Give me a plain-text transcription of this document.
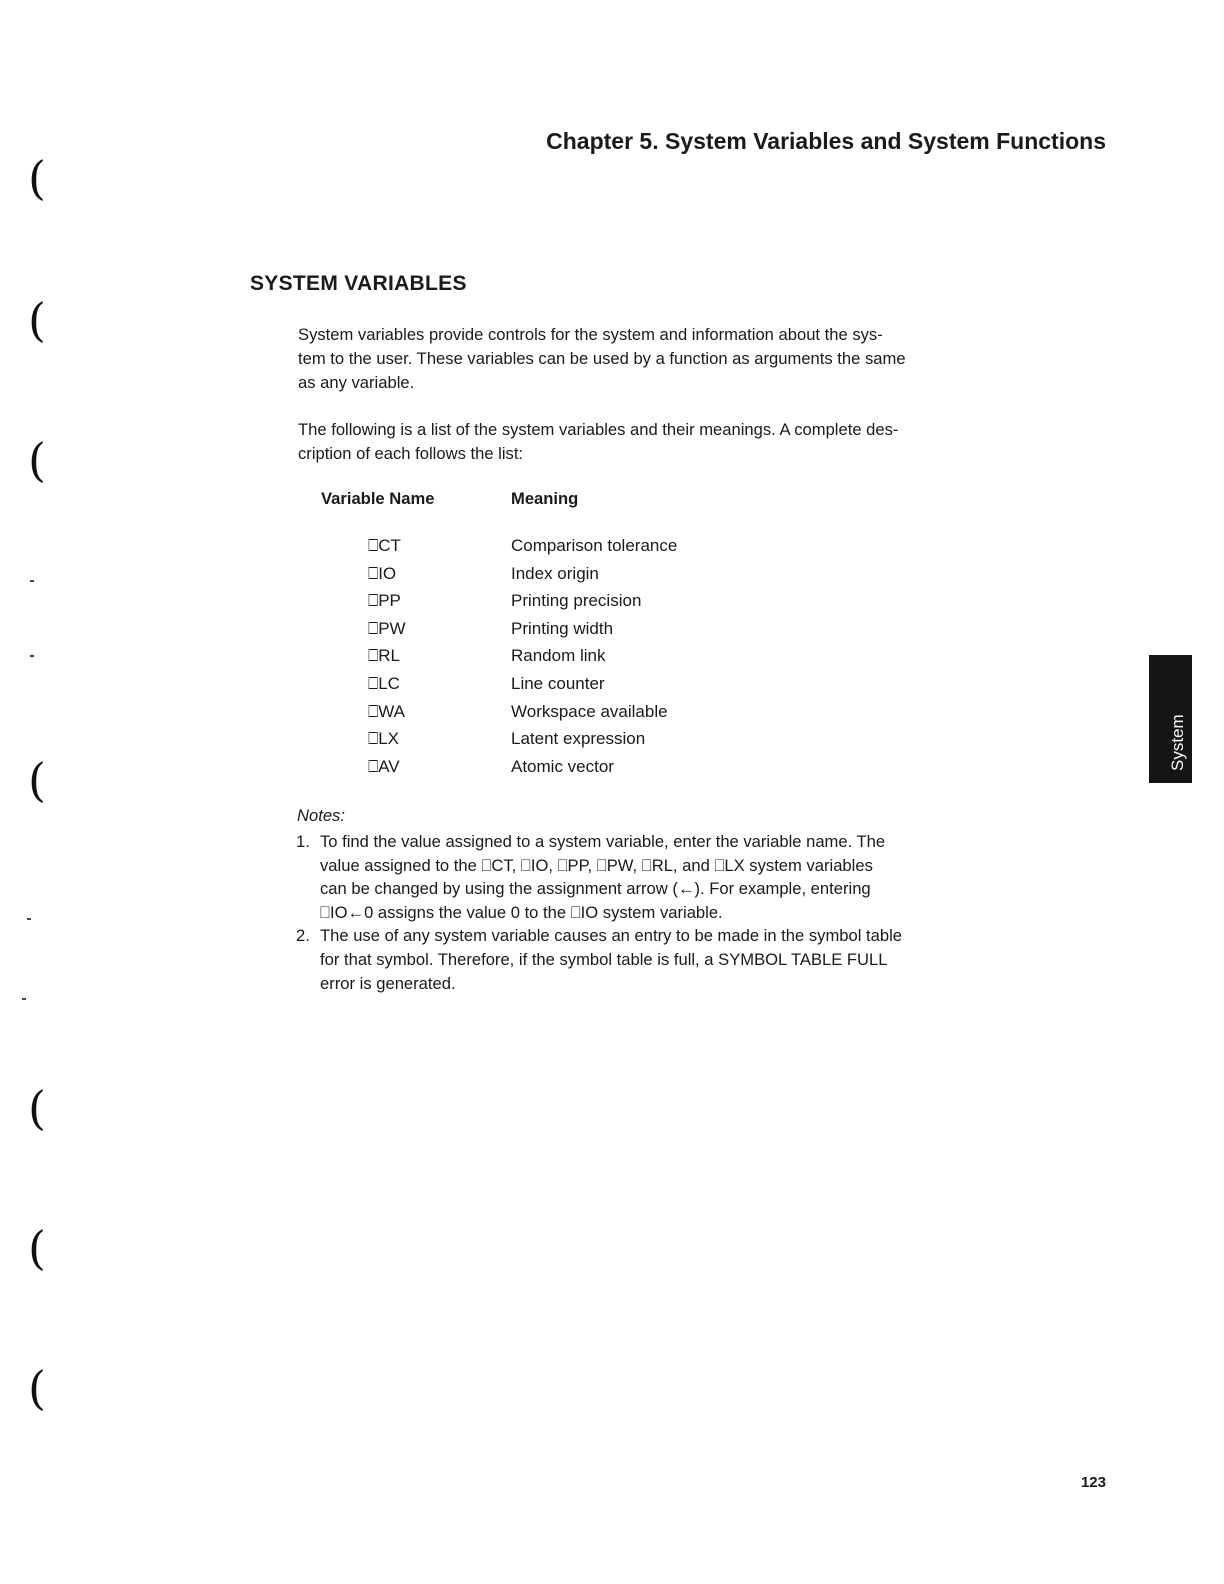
Chapter 5. System Variables and System Functions
SYSTEM VARIABLES
System variables provide controls for the system and information about the sys-
tem to the user. These variables can be used by a function as arguments the same
as any variable.
The following is a list of the system variables and their meanings. A complete des-
cription of each follows the list:
Variable Name	Meaning
⎕CT	Comparison tolerance
⎕IO	Index origin
⎕PP	Printing precision
⎕PW	Printing width
⎕RL	Random link
⎕LC	Line counter
⎕WA	Workspace available
⎕LX	Latent expression
⎕AV	Atomic vector
Notes:
1. To find the value assigned to a system variable, enter the variable name. The
value assigned to the ⎕CT, ⎕IO, ⎕PP, ⎕PW, ⎕RL, and ⎕LX system variables
can be changed by using the assignment arrow (←). For example, entering
⎕IO←0 assigns the value 0 to the ⎕IO system variable.
2. The use of any system variable causes an entry to be made in the symbol table
for that symbol. Therefore, if the symbol table is full, a SYMBOL TABLE FULL
error is generated.
System Variables
(
(
(
(
(
(
(
123
